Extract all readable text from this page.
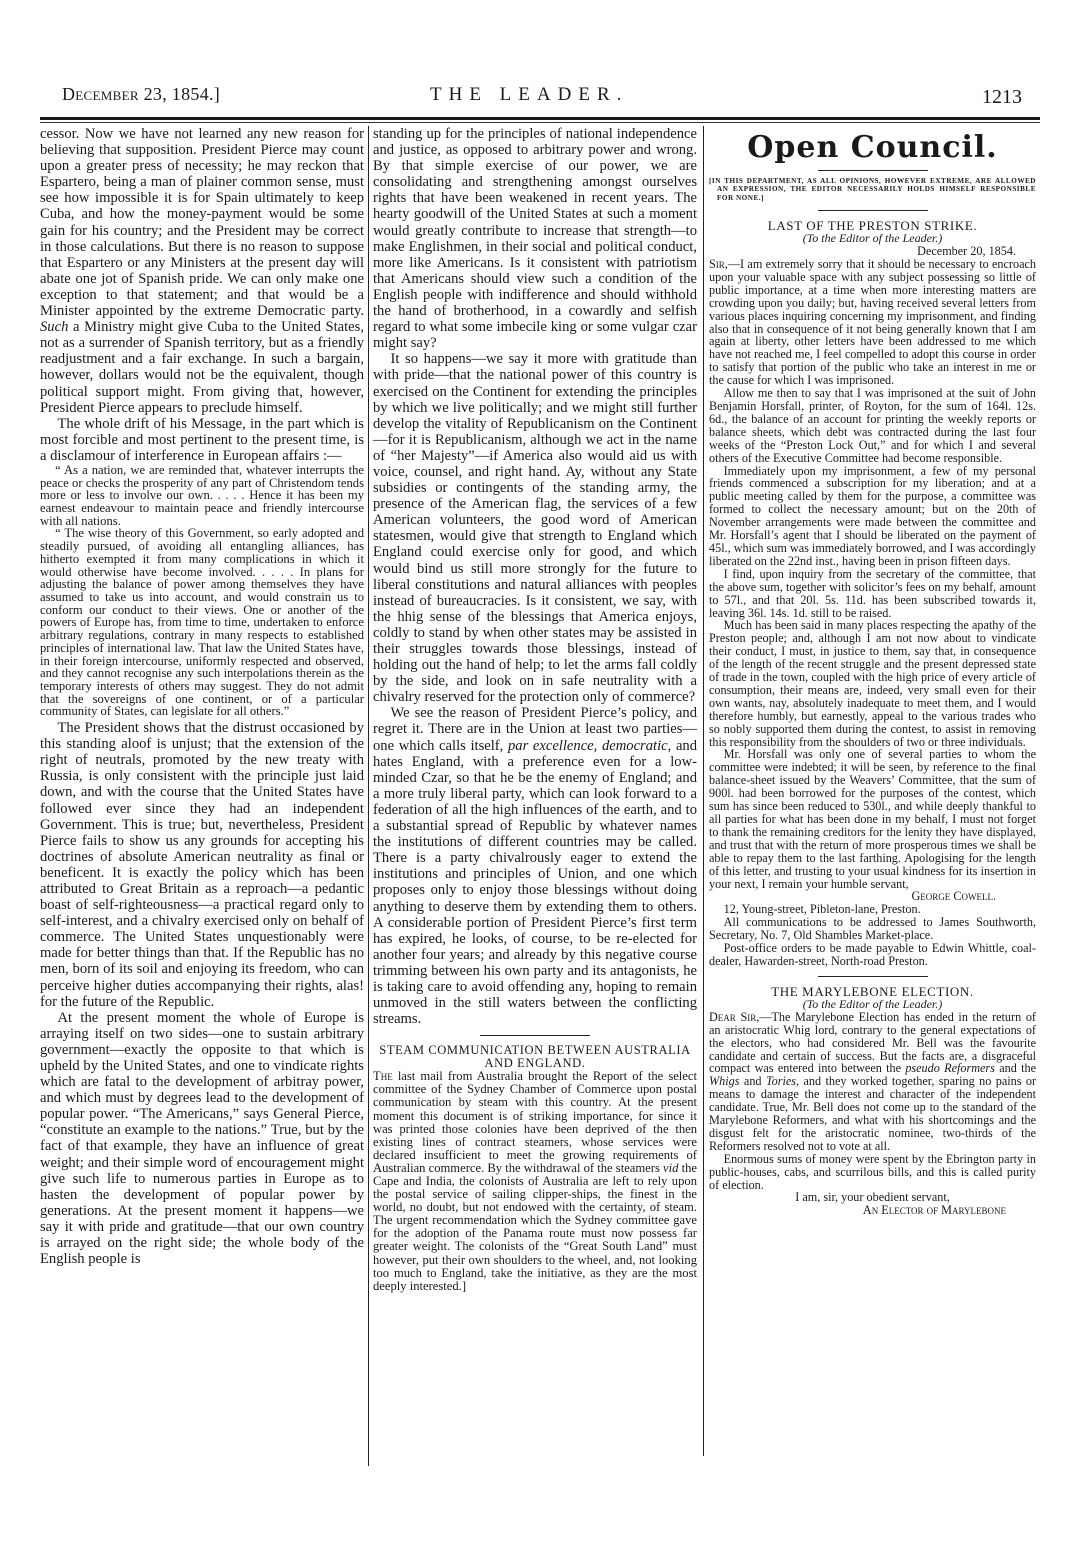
December 23, 1854.]	THE LEADER.	1213

cessor. Now we have not learned any new reason for believing that supposition. President Pierce may count upon a greater press of necessity; he may reckon that Espartero, being a man of plainer common sense, must see how impossible it is for Spain ultimately to keep Cuba, and how the money-payment would be some gain for his country; and the President may be correct in those calculations. But there is no reason to suppose that Espartero or any Ministers at the present day will abate one jot of Spanish pride. We can only make one exception to that statement; and that would be a Minister appointed by the extreme Democratic party. Such a Ministry might give Cuba to the United States, not as a surrender of Spanish territory, but as a friendly readjustment and a fair exchange. In such a bargain, however, dollars would not be the equivalent, though political support might. From giving that, however, President Pierce appears to preclude himself.

The whole drift of his Message, in the part which is most forcible and most pertinent to the present time, is a disclamour of interference in European affairs :—

“ As a nation, we are reminded that, whatever interrupts the peace or checks the prosperity of any part of Christendom tends more or less to involve our own. . . . . Hence it has been my earnest endeavour to maintain peace and friendly intercourse with all nations.

“ The wise theory of this Government, so early adopted and steadily pursued, of avoiding all entangling alliances, has hitherto exempted it from many complications in which it would otherwise have become involved. . . . . In plans for adjusting the balance of power among themselves they have assumed to take us into account, and would constrain us to conform our conduct to their views. One or another of the powers of Europe has, from time to time, undertaken to enforce arbitrary regulations, contrary in many respects to established principles of international law. That law the United States have, in their foreign intercourse, uniformly respected and observed, and they cannot recognise any such interpolations therein as the temporary interests of others may suggest. They do not admit that the sovereigns of one continent, or of a particular community of States, can legislate for all others.”

The President shows that the distrust occasioned by this standing aloof is unjust; that the extension of the right of neutrals, promoted by the new treaty with Russia, is only consistent with the principle just laid down, and with the course that the United States have followed ever since they had an independent Government. This is true; but, nevertheless, President Pierce fails to show us any grounds for accepting his doctrines of absolute American neutrality as final or beneficent. It is exactly the policy which has been attributed to Great Britain as a reproach—a pedantic boast of self-righteousness—a practical regard only to self-interest, and a chivalry exercised only on behalf of commerce. The United States unquestionably were made for better things than that. If the Republic has no men, born of its soil and enjoying its freedom, who can perceive higher duties accompanying their rights, alas! for the future of the Republic.

At the present moment the whole of Europe is arraying itself on two sides—one to sustain arbitrary government—exactly the opposite to that which is upheld by the United States, and one to vindicate rights which are fatal to the development of arbitray power, and which must by degrees lead to the development of popular power. “The Americans,” says General Pierce, “constitute an example to the nations.” True, but by the fact of that example, they have an influence of great weight; and their simple word of encouragement might give such life to numerous parties in Europe as to hasten the development of popular power by generations. At the present moment it happens—we say it with pride and gratitude—that our own country is arrayed on the right side; the whole body of the English people is

standing up for the principles of national independence and justice, as opposed to arbitrary power and wrong. By that simple exercise of our power, we are consolidating and strengthening amongst ourselves rights that have been weakened in recent years. The hearty goodwill of the United States at such a moment would greatly contribute to increase that strength—to make Englishmen, in their social and political conduct, more like Americans. Is it consistent with patriotism that Americans should view such a condition of the English people with indifference and should withhold the hand of brotherhood, in a cowardly and selfish regard to what some imbecile king or some vulgar czar might say?

It so happens—we say it more with gratitude than with pride—that the national power of this country is exercised on the Continent for extending the principles by which we live politically; and we might still further develop the vitality of Republicanism on the Continent—for it is Republicanism, although we act in the name of “her Majesty”—if America also would aid us with voice, counsel, and right hand. Ay, without any State subsidies or contingents of the standing army, the presence of the American flag, the services of a few American volunteers, the good word of American statesmen, would give that strength to England which England could exercise only for good, and which would bind us still more strongly for the future to liberal constitutions and natural alliances with peoples instead of bureaucracies. Is it consistent, we say, with the hhig sense of the blessings that America enjoys, coldly to stand by when other states may be assisted in their struggles towards those blessings, instead of holding out the hand of help; to let the arms fall coldly by the side, and look on in safe neutrality with a chivalry reserved for the protection only of commerce?

We see the reason of President Pierce’s policy, and regret it. There are in the Union at least two parties—one which calls itself, par excellence, democratic, and hates England, with a preference even for a low-minded Czar, so that he be the enemy of England; and a more truly liberal party, which can look forward to a federation of all the high influences of the earth, and to a substantial spread of Republic by whatever names the institutions of different countries may be called. There is a party chivalrously eager to extend the institutions and principles of Union, and one which proposes only to enjoy those blessings without doing anything to deserve them by extending them to others. A considerable portion of President Pierce’s first term has expired, he looks, of course, to be re-elected for another four years; and already by this negative course trimming between his own party and its antagonists, he is taking care to avoid offending any, hoping to remain unmoved in the still waters between the conflicting streams.

STEAM COMMUNICATION BETWEEN AUSTRALIA AND ENGLAND.

The last mail from Australia brought the Report of the select committee of the Sydney Chamber of Commerce upon postal communication by steam with this country. At the present moment this document is of striking importance, for since it was printed those colonies have been deprived of the then existing lines of contract steamers, whose services were declared insufficient to meet the growing requirements of Australian commerce. By the withdrawal of the steamers vid the Cape and India, the colonists of Australia are left to rely upon the postal service of sailing clipper-ships, the finest in the world, no doubt, but not endowed with the certainty, of steam. The urgent recommendation which the Sydney committee gave for the adoption of the Panama route must now possess far greater weight. The colonists of the “Great South Land” must however, put their own shoulders to the wheel, and, not looking too much to England, take the initiative, as they are the most deeply interested.]

Open Council.
[IN THIS DEPARTMENT, AS ALL OPINIONS, HOWEVER EXTREME, ARE ALLOWED AN EXPRESSION, THE EDITOR NECESSARILY HOLDS HIMSELF RESPONSIBLE FOR NONE.]

LAST OF THE PRESTON STRIKE.

(To the Editor of the Leader.)

December 20, 1854.

Sir,—I am extremely sorry that it should be necessary to encroach upon your valuable space with any subject possessing so little of public importance, at a time when more interesting matters are crowding upon you daily; but, having received several letters from various places inquiring concerning my imprisonment, and finding also that in consequence of it not being generally known that I am again at liberty, other letters have been addressed to me which have not reached me, I feel compelled to adopt this course in order to satisfy that portion of the public who take an interest in me or the cause for which I was imprisoned.

Allow me then to say that I was imprisoned at the suit of John Benjamin Horsfall, printer, of Royton, for the sum of 164l. 12s. 6d., the balance of an account for printing the weekly reports or balance sheets, which debt was contracted during the last four weeks of the “Preston Lock Out,” and for which I and several others of the Executive Committee had become responsible.

Immediately upon my imprisonment, a few of my personal friends commenced a subscription for my liberation; and at a public meeting called by them for the purpose, a committee was formed to collect the necessary amount; but on the 20th of November arrangements were made between the committee and Mr. Horsfall’s agent that I should be liberated on the payment of 45l., which sum was immediately borrowed, and I was accordingly liberated on the 22nd inst., having been in prison fifteen days.

I find, upon inquiry from the secretary of the committee, that the above sum, together with solicitor’s fees on my behalf, amount to 57l., and that 20l. 5s. 11d. has been subscribed towards it, leaving 36l. 14s. 1d. still to be raised.

Much has been said in many places respecting the apathy of the Preston people; and, although I am not now about to vindicate their conduct, I must, in justice to them, say that, in consequence of the length of the recent struggle and the present depressed state of trade in the town, coupled with the high price of every article of consumption, their means are, indeed, very small even for their own wants, nay, absolutely inadequate to meet them, and I would therefore humbly, but earnestly, appeal to the various trades who so nobly supported them during the contest, to assist in removing this responsibility from the shoulders of two or three individuals.

Mr. Horsfall was only one of several parties to whom the committee were indebted; it will be seen, by reference to the final balance-sheet issued by the Weavers’ Committee, that the sum of 900l. had been borrowed for the purposes of the contest, which sum has since been reduced to 530l., and while deeply thankful to all parties for what has been done in my behalf, I must not forget to thank the remaining creditors for the lenity they have displayed, and trust that with the return of more prosperous times we shall be able to repay them to the last farthing. Apologising for the length of this letter, and trusting to your usual kindness for its insertion in your next, I remain your humble servant,

George Cowell.

12, Young-street, Pibleton-lane, Preston.

All communications to be addressed to James Southworth, Secretary, No. 7, Old Shambles Market-place.

Post-office orders to be made payable to Edwin Whittle, coal-dealer, Hawarden-street, North-road Preston.

THE MARYLEBONE ELECTION.

(To the Editor of the Leader.)

Dear Sir,—The Marylebone Election has ended in the return of an aristocratic Whig lord, contrary to the general expectations of the electors, who had considered Mr. Bell was the favourite candidate and certain of success. But the facts are, a disgraceful compact was entered into between the pseudo Reformers and the Whigs and Tories, and they worked together, sparing no pains or means to damage the interest and character of the independent candidate. True, Mr. Bell does not come up to the standard of the Marylebone Reformers, and what with his shortcomings and the disgust felt for the aristocratic nominee, two-thirds of the Reformers resolved not to vote at all.

Enormous sums of money were spent by the Ebrington party in public-houses, cabs, and scurrilous bills, and this is called purity of election.

I am, sir, your obedient servant,

An Elector of Marylebone
